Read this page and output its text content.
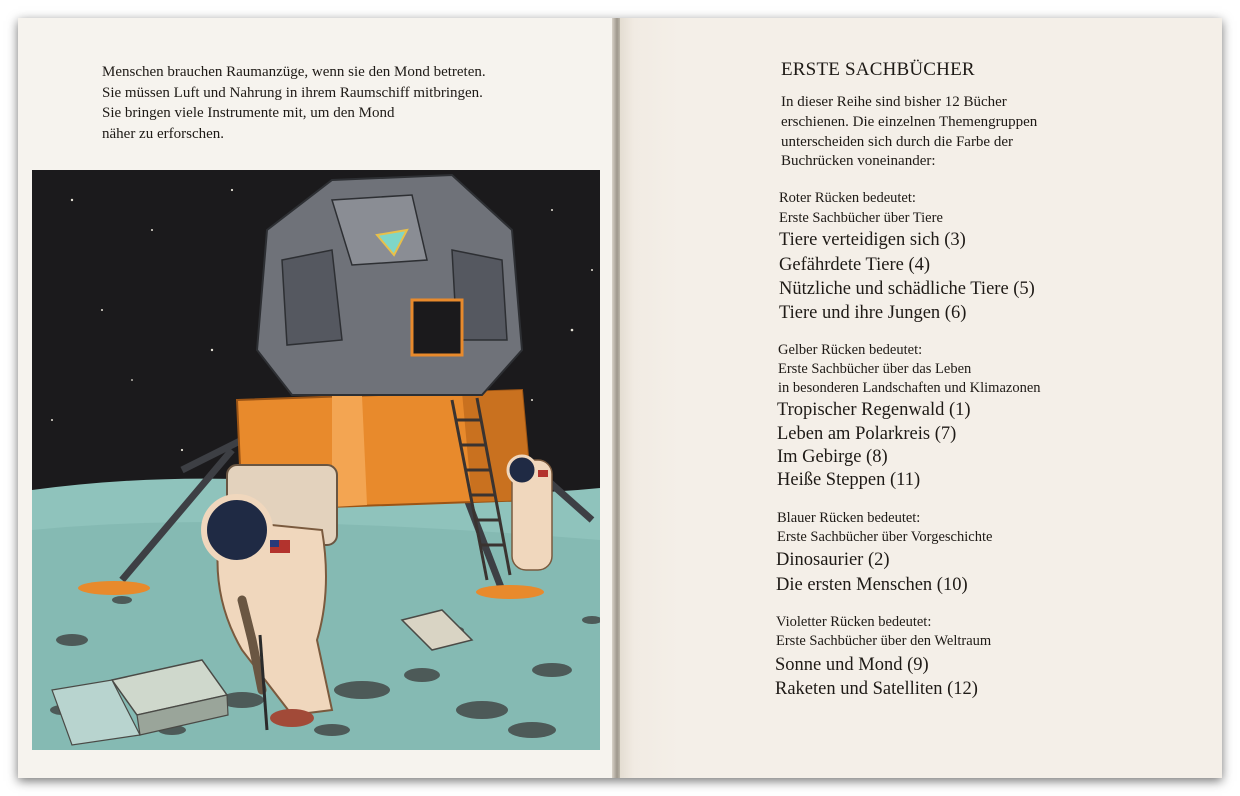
Menschen brauchen Raumanzüge, wenn sie den Mond betreten.
Sie müssen Luft und Nahrung in ihrem Raumschiff mitbringen.
Sie bringen viele Instrumente mit, um den Mond
näher zu erforschen.

ERSTE SACHBÜCHER

In dieser Reihe sind bisher 12 Bücher

erschienen. Die einzelnen Themengruppen

unterscheiden sich durch die Farbe der

Buchrücken voneinander:

Roter Rücken bedeutet:

Erste Sachbücher über Tiere

Tiere verteidigen sich (3)

Gefährdete Tiere (4)

Nützliche und schädliche Tiere (5)

Tiere und ihre Jungen (6)

Gelber Rücken bedeutet:

Erste Sachbücher über das Leben

in besonderen Landschaften und Klimazonen

Tropischer Regenwald (1)

Leben am Polarkreis (7)

Im Gebirge (8)

Heiße Steppen (11)

Blauer Rücken bedeutet:

Erste Sachbücher über Vorgeschichte

Dinosaurier (2)

Die ersten Menschen (10)

Violetter Rücken bedeutet:

Erste Sachbücher über den Weltraum

Sonne und Mond (9)

Raketen und Satelliten (12)
